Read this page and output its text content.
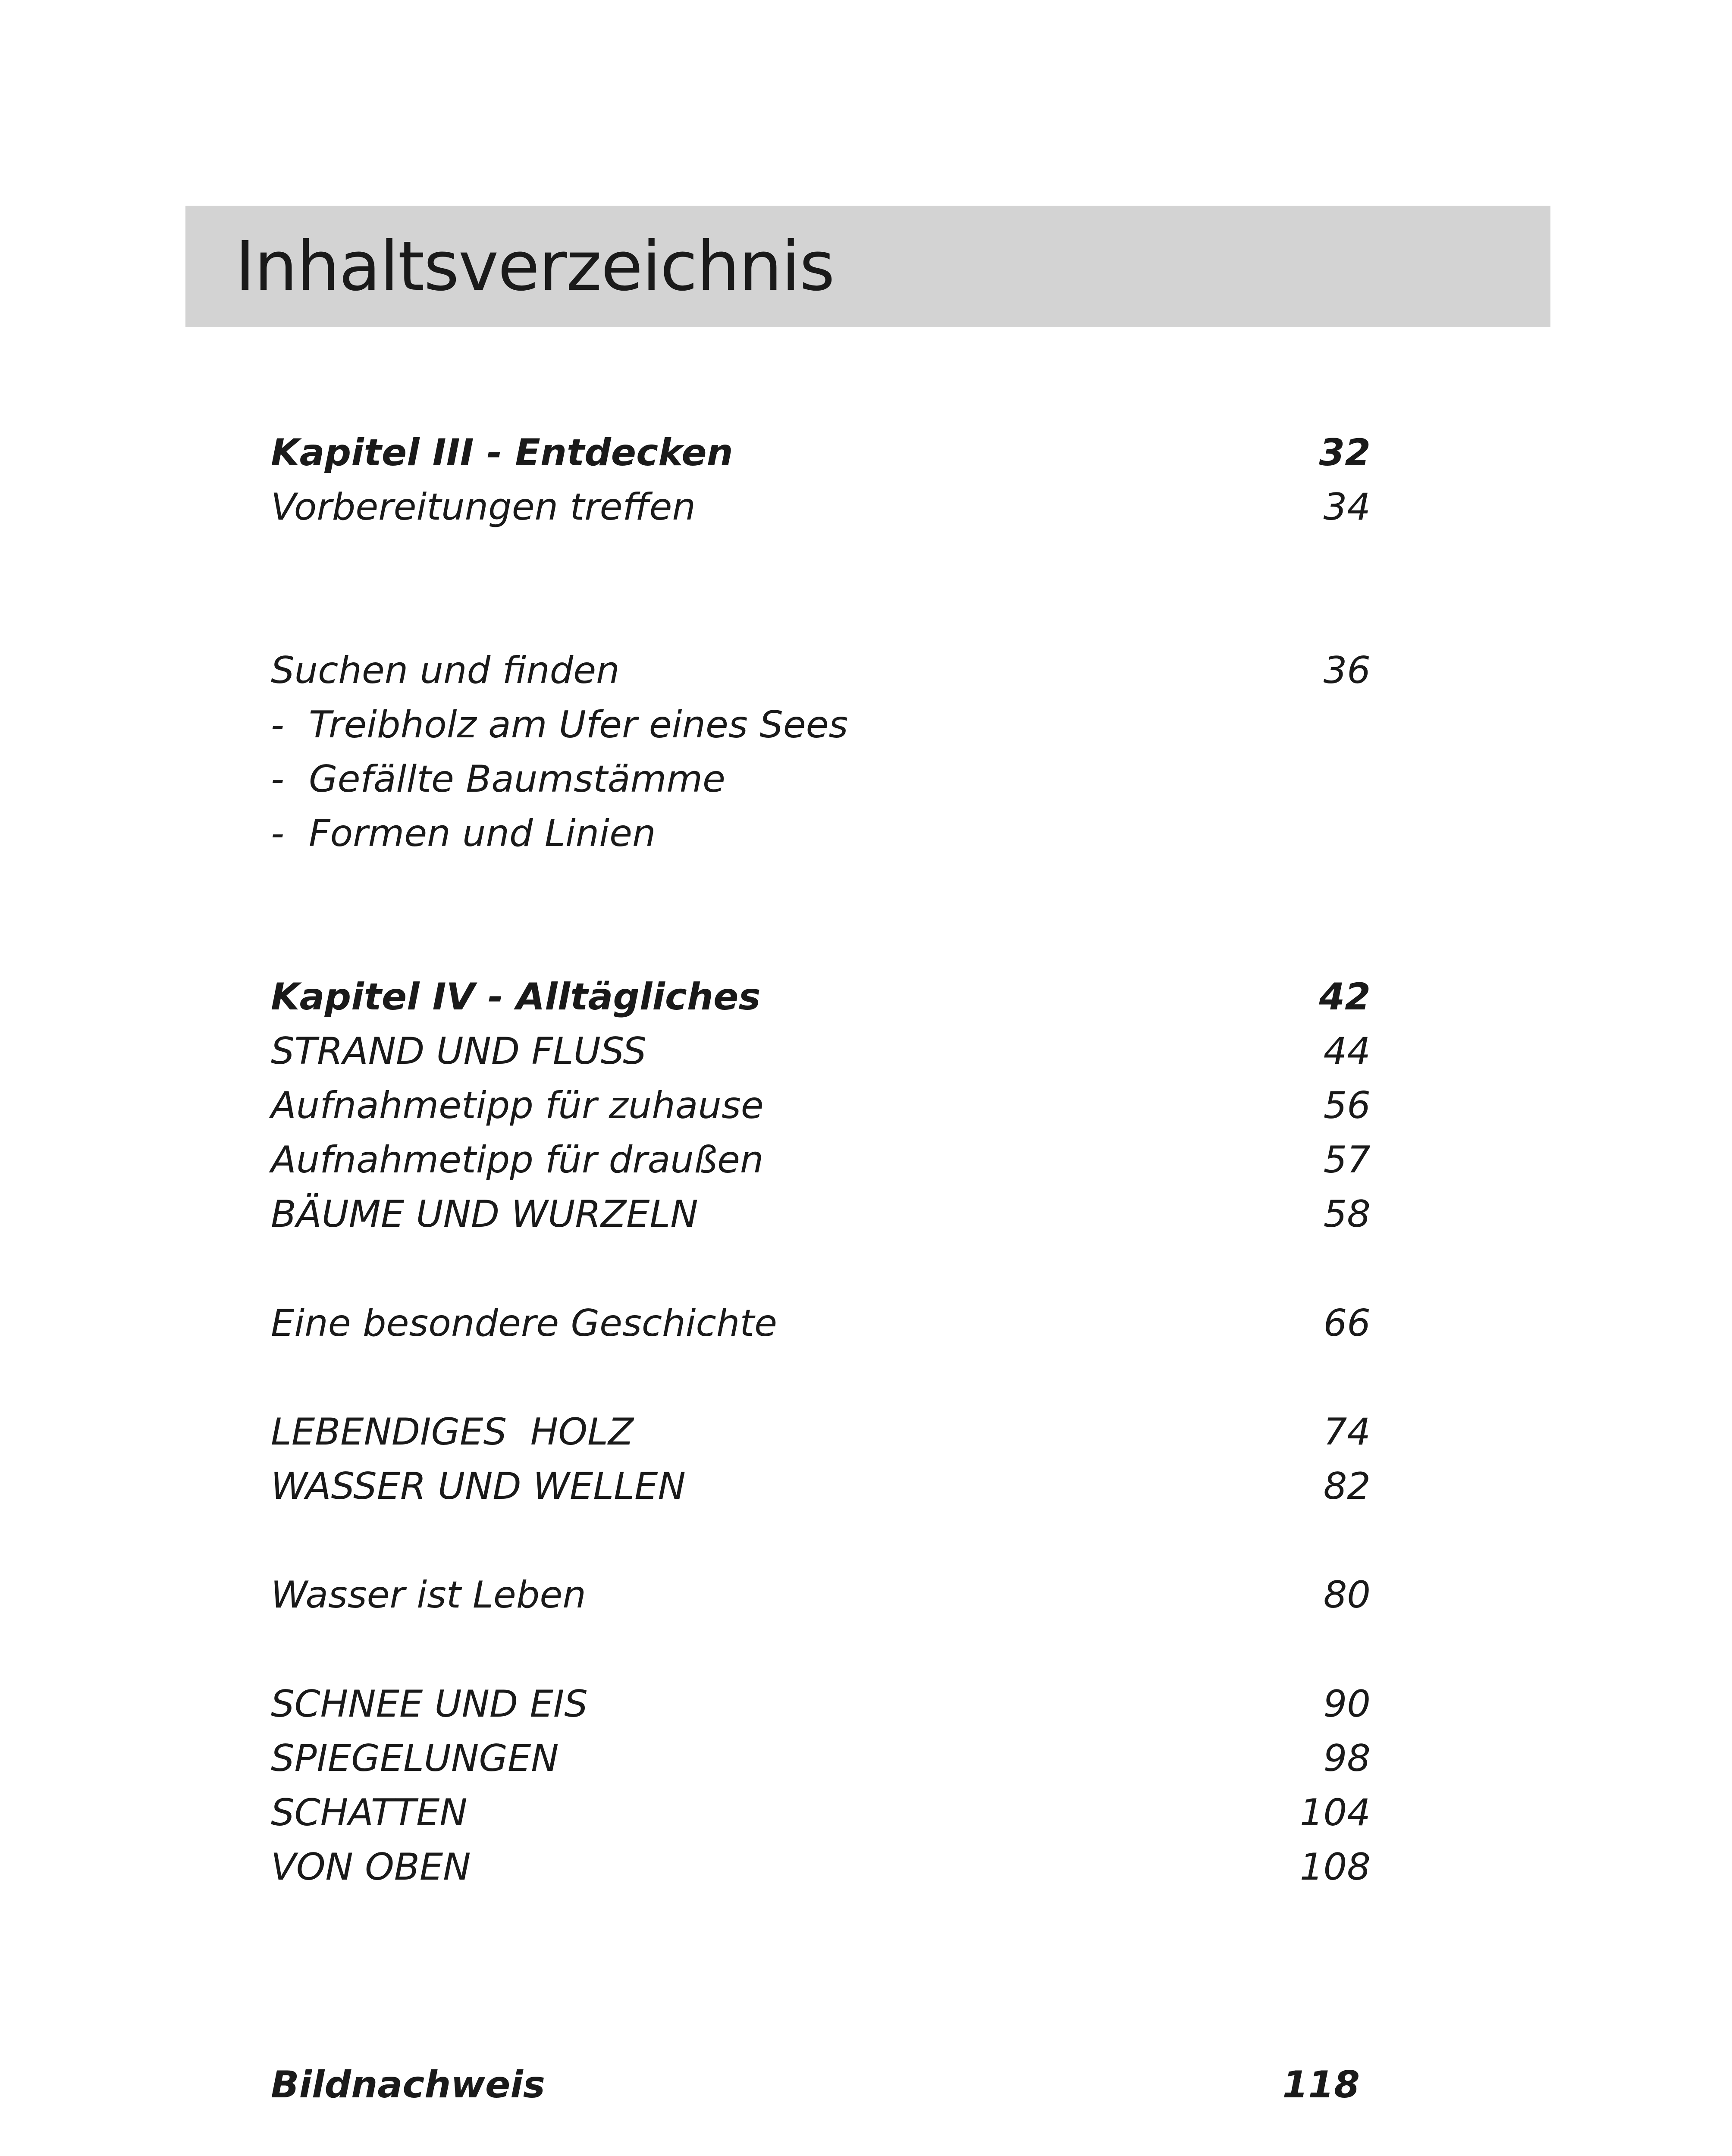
Inhaltsverzeichnis
Kapitel III - Entdecken	32
Vorbereitungen treffen	34
Suchen und finden	36
- Treibholz am Ufer eines Sees
- Gefällte Baumstämme
- Formen und Linien
Kapitel IV - Alltägliches	42
STRAND UND FLUSS	44
Aufnahmetipp für zuhause	56
Aufnahmetipp für draußen	57
BÄUME UND WURZELN	58
Eine besondere Geschichte	66
LEBENDIGES  HOLZ	74
WASSER UND WELLEN	82
Wasser ist Leben	80
SCHNEE UND EIS	90
SPIEGELUNGEN	98
SCHATTEN	104
VON OBEN	108
Bildnachweis	118
